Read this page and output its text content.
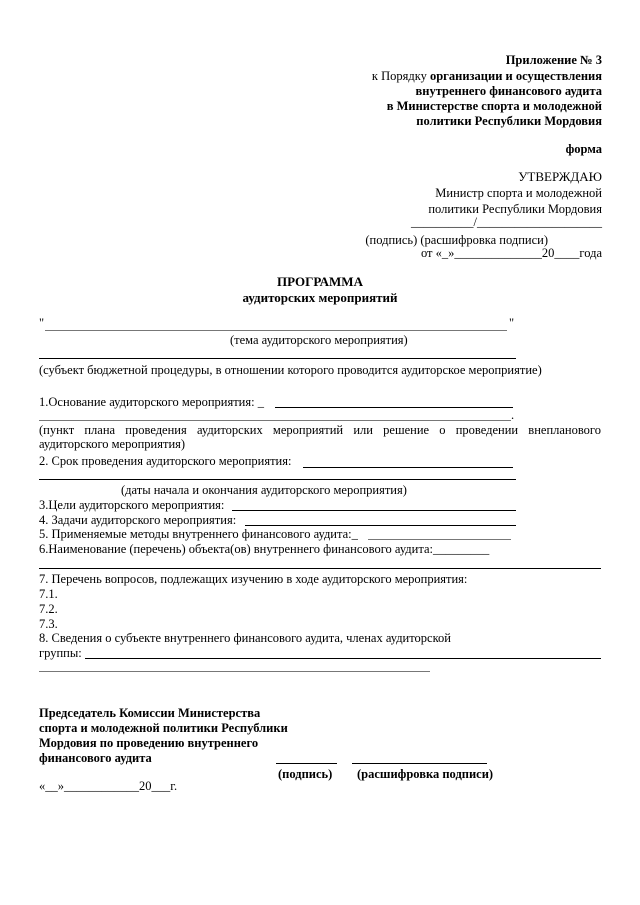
Приложение № 3
к Порядку организации и осуществления
внутреннего финансового аудита
в Министерстве спорта и молодежной
политики Республики Мордовия
форма
УТВЕРЖДАЮ
Министр спорта и молодежной
политики Республики Мордовия
__________/____________________
(подпись) (расшифровка подписи)
от «_»______________20____года
ПРОГРАММА
аудиторских мероприятий
"	"
(тема аудиторского мероприятия)
(субъект бюджетной процедуры, в отношении которого проводится аудиторское мероприятие)
1.Основание аудиторского мероприятия: _
.
(пункт плана проведения аудиторских мероприятий или решение о проведении внепланового аудиторского мероприятия)
2. Срок проведения аудиторского мероприятия:
(даты начала и окончания аудиторского мероприятия)
3.Цели аудиторского мероприятия:
4. Задачи аудиторского мероприятия:
5. Применяемые методы внутреннего финансового аудита:_
6.Наименование (перечень) объекта(ов) внутреннего финансового аудита:_________
7. Перечень вопросов, подлежащих изучению в ходе аудиторского мероприятия:
7.1.
7.2.
7.3.
8. Сведения о субъекте внутреннего финансового аудита, членах аудиторской
группы:
Председатель Комиссии Министерства
спорта и молодежной политики Республики
Мордовия по проведению внутреннего
финансового аудита
(подпись) (расшифровка подписи)
«__»____________20___г.
